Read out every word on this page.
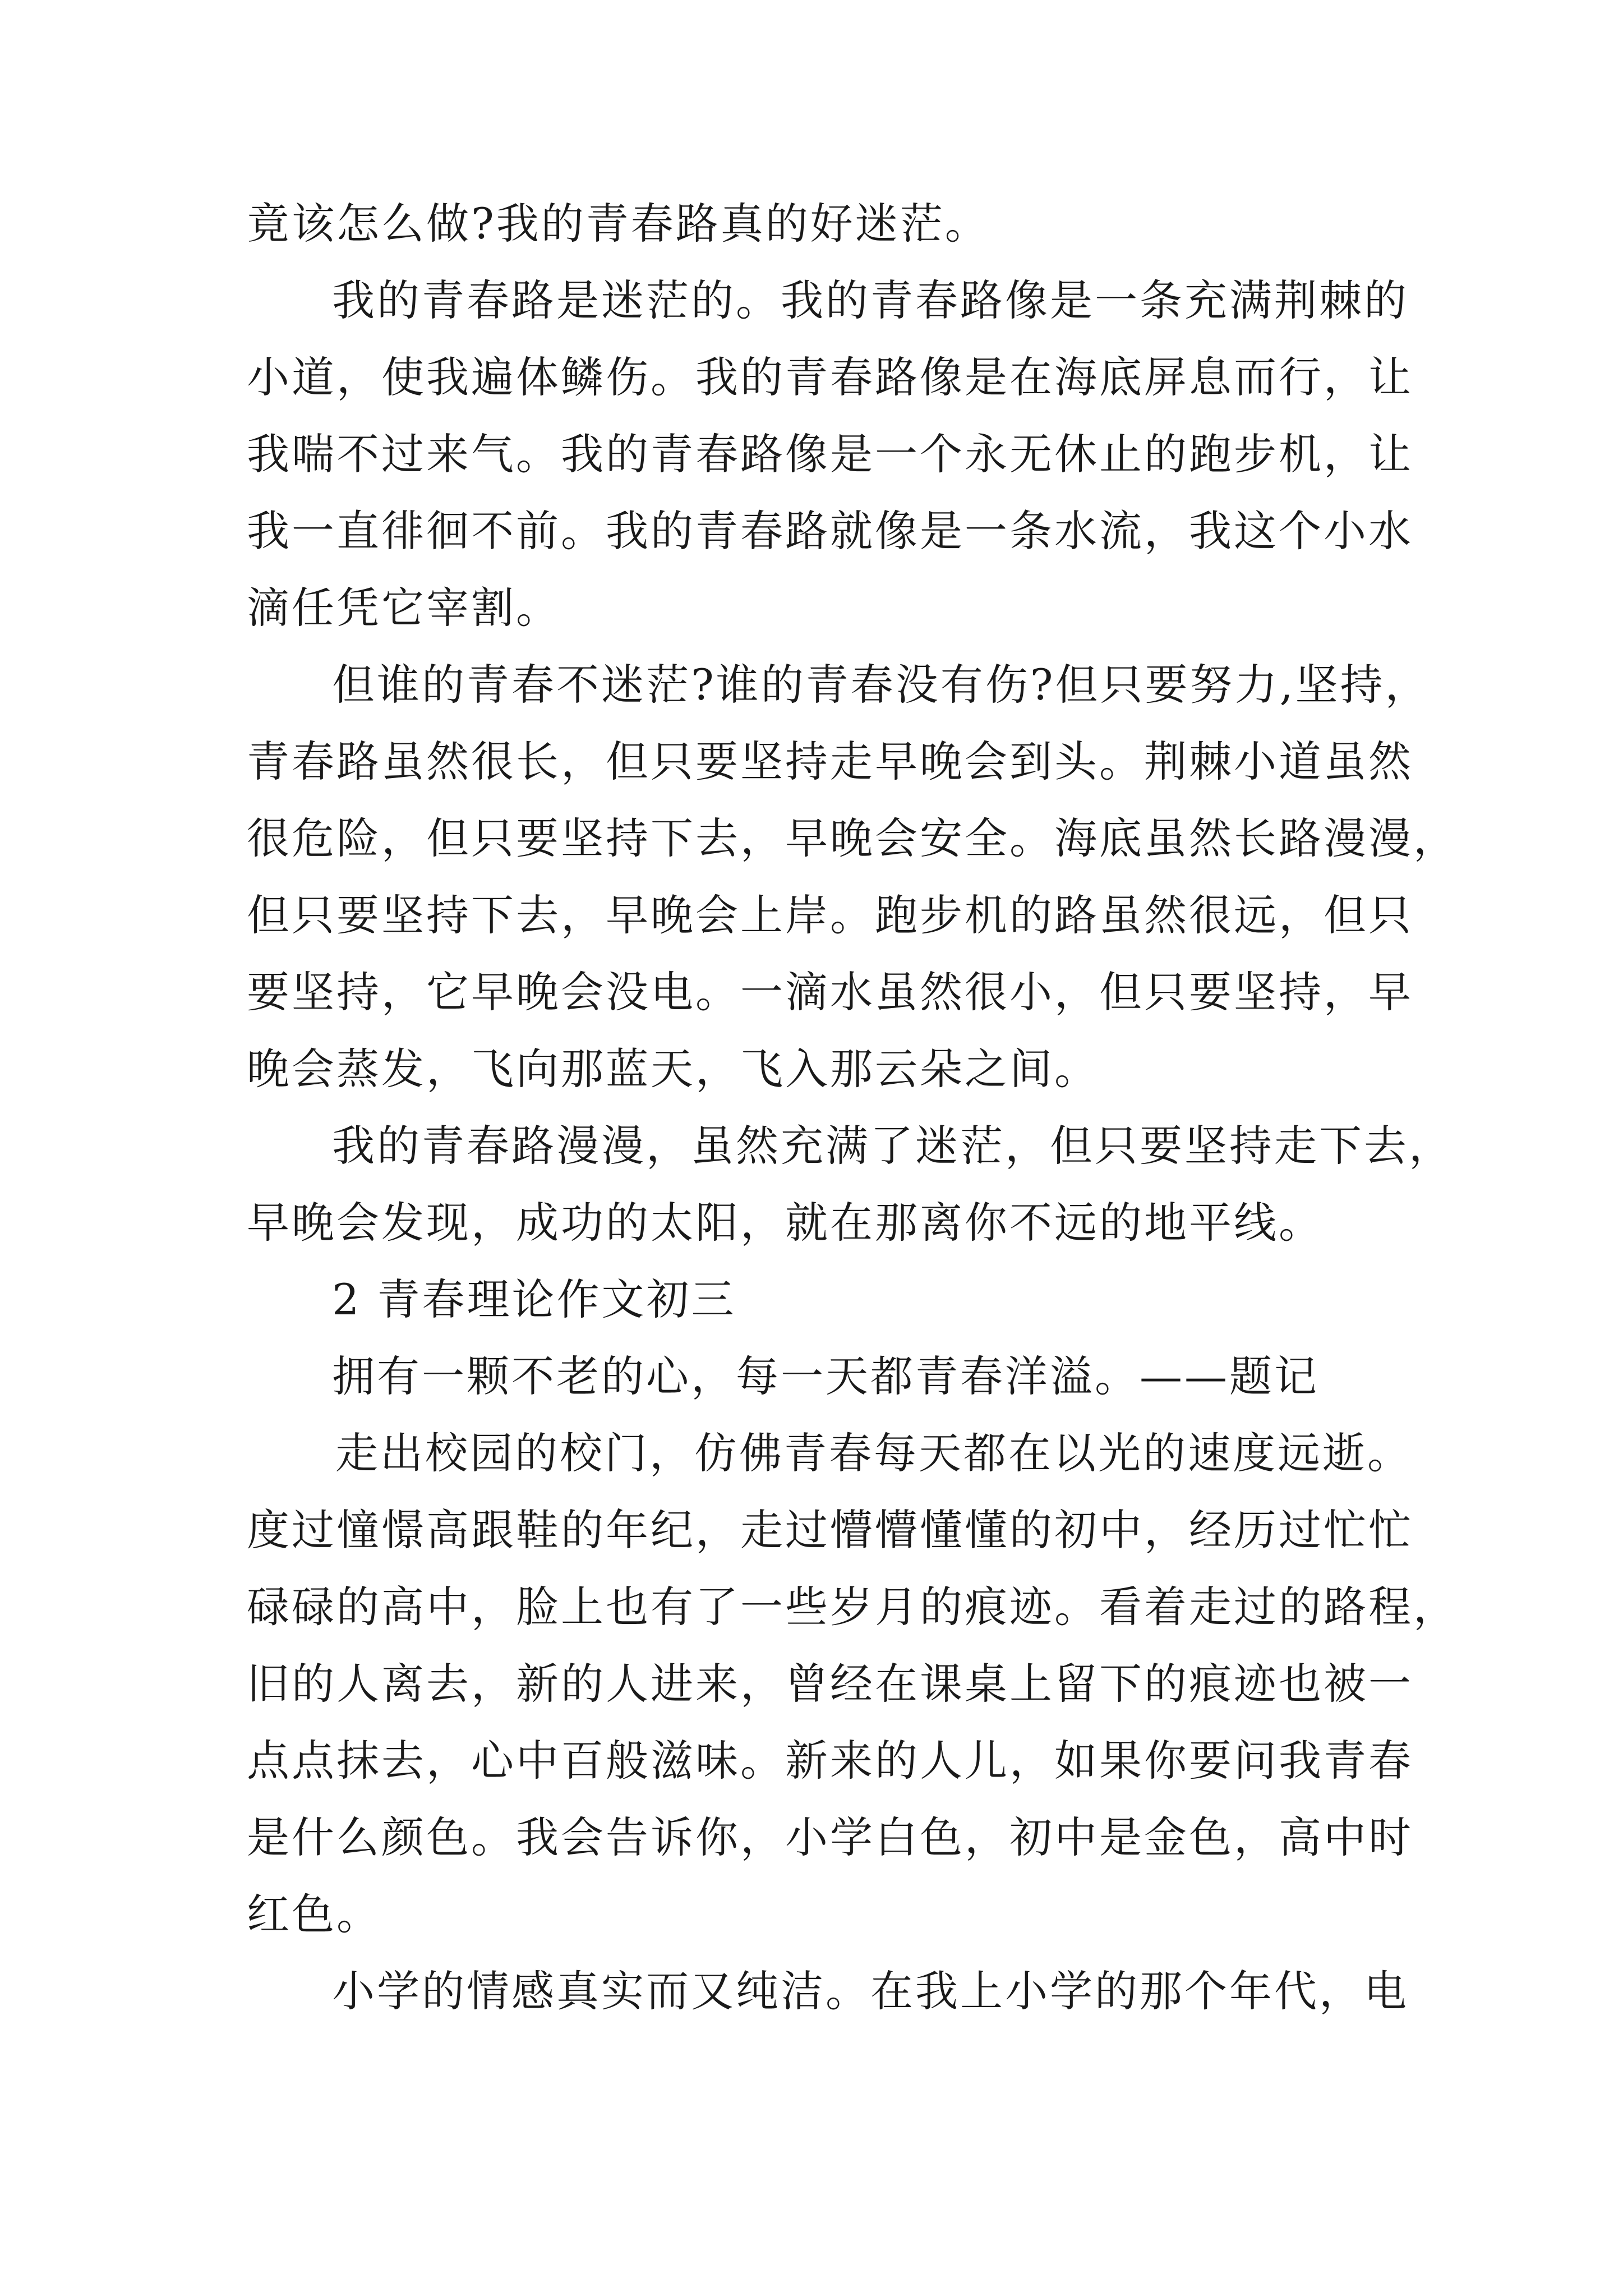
竟该怎么做?我的青春路真的好迷茫。
我的青春路是迷茫的。我的青春路像是一条充满荆棘的
小道，使我遍体鳞伤。我的青春路像是在海底屏息而行，让
我喘不过来气。我的青春路像是一个永无休止的跑步机，让
我一直徘徊不前。我的青春路就像是一条水流，我这个小水
滴任凭它宰割。
但谁的青春不迷茫?谁的青春没有伤?但只要努力,坚持，
青春路虽然很长，但只要坚持走早晚会到头。荆棘小道虽然
很危险，但只要坚持下去，早晚会安全。海底虽然长路漫漫，
但只要坚持下去，早晚会上岸。跑步机的路虽然很远，但只
要坚持，它早晚会没电。一滴水虽然很小，但只要坚持，早
晚会蒸发，飞向那蓝天，飞入那云朵之间。
我的青春路漫漫，虽然充满了迷茫，但只要坚持走下去，
早晚会发现，成功的太阳，就在那离你不远的地平线。
2 青春理论作文初三
拥有一颗不老的心，每一天都青春洋溢。——题记
走出校园的校门，仿佛青春每天都在以光的速度远逝。
度过憧憬高跟鞋的年纪，走过懵懵懂懂的初中，经历过忙忙
碌碌的高中，脸上也有了一些岁月的痕迹。看着走过的路程，
旧的人离去，新的人进来，曾经在课桌上留下的痕迹也被一
点点抹去，心中百般滋味。新来的人儿，如果你要问我青春
是什么颜色。我会告诉你，小学白色，初中是金色，高中时
红色。
小学的情感真实而又纯洁。在我上小学的那个年代，电
